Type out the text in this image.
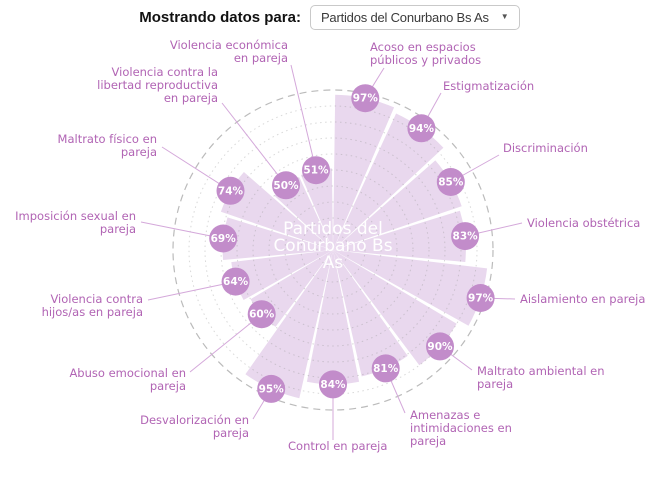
Mostrando datos para: Partidos del Conurbano Bs As ▼
97%
94%
85%
83%
97%
90%
81%
84%
95%
60%
64%
69%
74%	50%
51%
Acoso en espacios públicos y privados
Estigmatización
Discriminación
Violencia obstétrica
Aislamiento en pareja
Maltrato ambiental en pareja
Amenazas e intimidaciones en pareja
Control en pareja
Desvalorización en pareja
Abuso emocional en pareja
Violencia contra hijos/as en pareja
Imposición sexual en pareja
Maltrato físico en pareja
Violencia contra la libertad reproductiva en pareja
Violencia económica en pareja
Partidos del Conurbano Bs As
